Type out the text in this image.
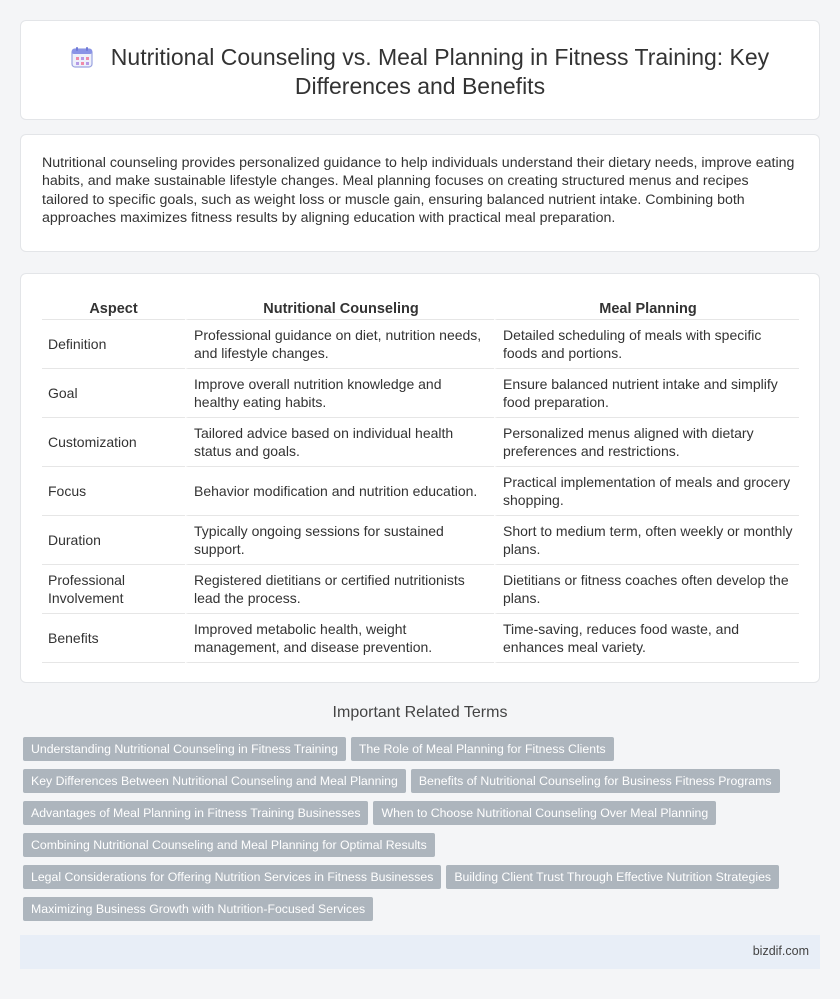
Nutritional Counseling vs. Meal Planning in Fitness Training: Key Differences and Benefits

Nutritional counseling provides personalized guidance to help individuals understand their dietary needs, improve eating habits, and make sustainable lifestyle changes. Meal planning focuses on creating structured menus and recipes tailored to specific goals, such as weight loss or muscle gain, ensuring balanced nutrient intake. Combining both approaches maximizes fitness results by aligning education with practical meal preparation.

Aspect	Nutritional Counseling	Meal Planning
Definition	Professional guidance on diet, nutrition needs, and lifestyle changes.	Detailed scheduling of meals with specific foods and portions.
Goal	Improve overall nutrition knowledge and healthy eating habits.	Ensure balanced nutrient intake and simplify food preparation.
Customization	Tailored advice based on individual health status and goals.	Personalized menus aligned with dietary preferences and restrictions.
Focus	Behavior modification and nutrition education.	Practical implementation of meals and grocery shopping.
Duration	Typically ongoing sessions for sustained support.	Short to medium term, often weekly or monthly plans.
Professional Involvement	Registered dietitians or certified nutritionists lead the process.	Dietitians or fitness coaches often develop the plans.
Benefits	Improved metabolic health, weight management, and disease prevention.	Time-saving, reduces food waste, and enhances meal variety.
Important Related Terms
Understanding Nutritional Counseling in Fitness Training The Role of Meal Planning for Fitness Clients
Key Differences Between Nutritional Counseling and Meal Planning Benefits of Nutritional Counseling for Business Fitness Programs
Advantages of Meal Planning in Fitness Training Businesses When to Choose Nutritional Counseling Over Meal Planning
Combining Nutritional Counseling and Meal Planning for Optimal Results
Legal Considerations for Offering Nutrition Services in Fitness Businesses Building Client Trust Through Effective Nutrition Strategies
Maximizing Business Growth with Nutrition-Focused Services
bizdif.com
